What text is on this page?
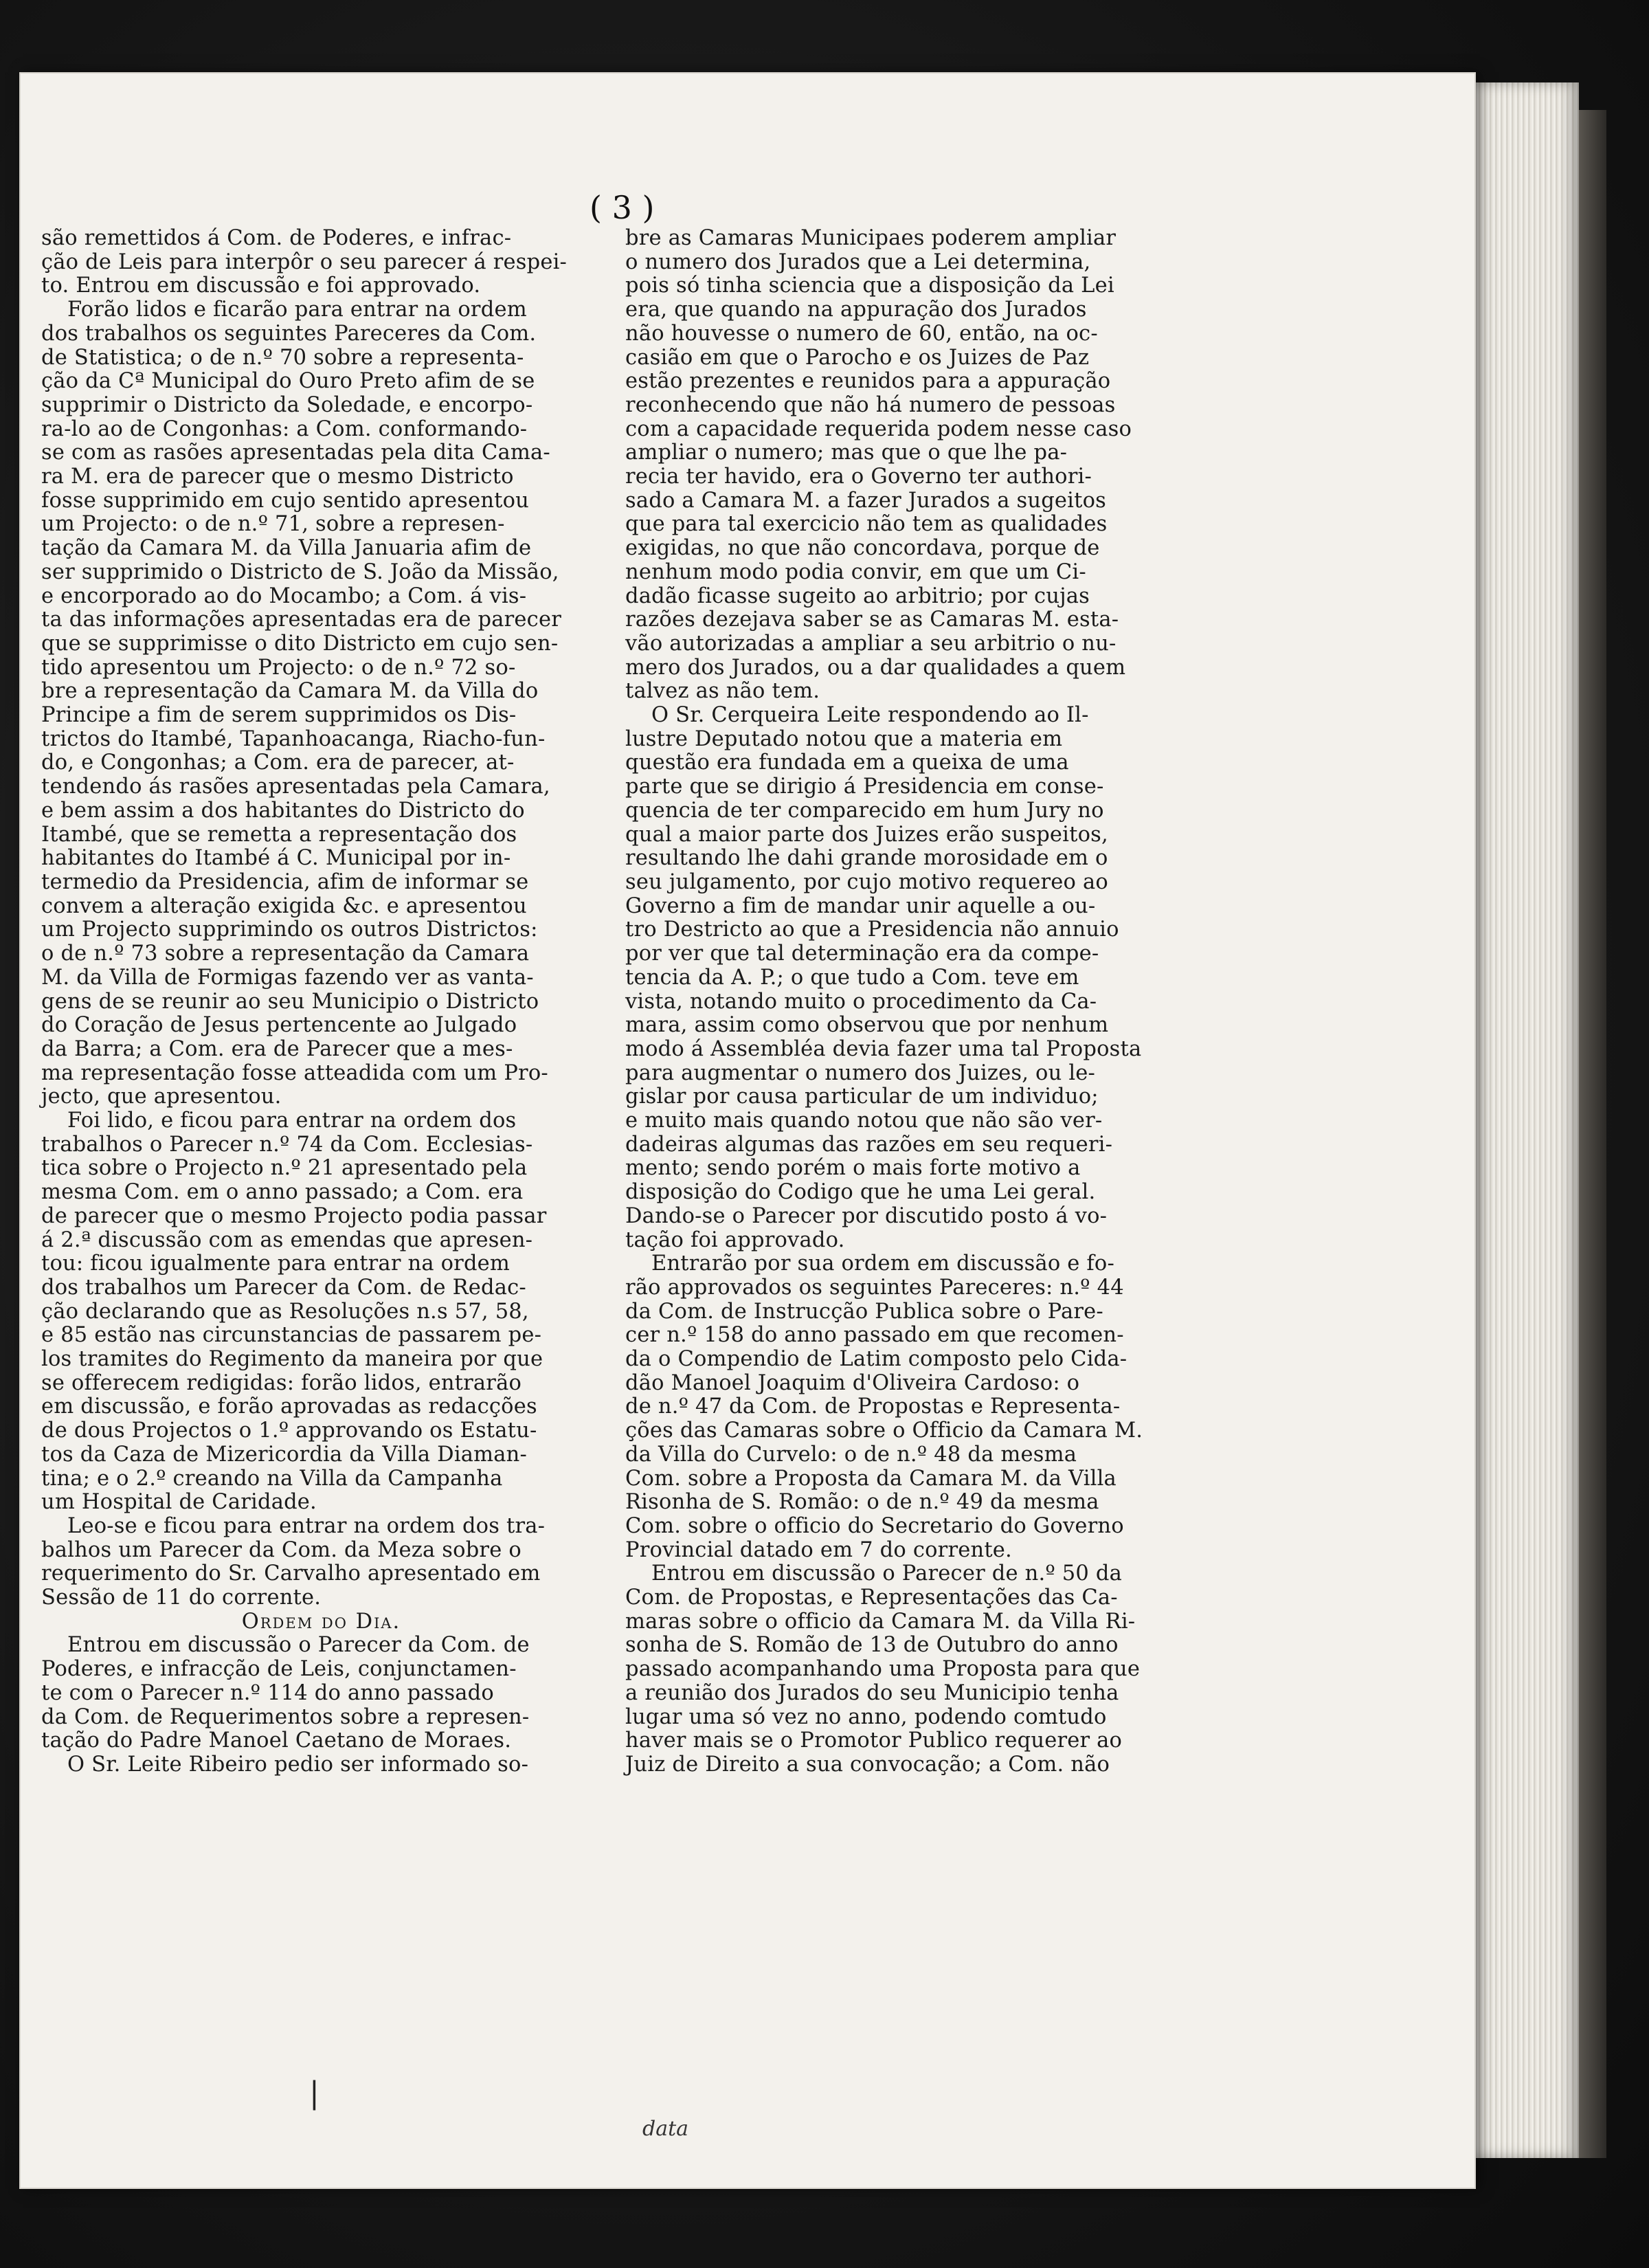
( 3 )

são remettidos á Com. de Poderes, e infrac-

ção de Leis para interpôr o seu parecer á respei-

to. Entrou em discussão e foi approvado.

Forão lidos e ficarão para entrar na ordem

dos trabalhos os seguintes Pareceres da Com.

de Statistica; o de n.º 70 sobre a representa-

ção da Cª Municipal do Ouro Preto afim de se

supprimir o Districto da Soledade, e encorpo-

ra-lo ao de Congonhas: a Com. conformando-

se com as rasões apresentadas pela dita Cama-

ra M. era de parecer que o mesmo Districto

fosse supprimido em cujo sentido apresentou

um Projecto: o de n.º 71, sobre a represen-

tação da Camara M. da Villa Januaria afim de

ser supprimido o Districto de S. João da Missão,

e encorporado ao do Mocambo; a Com. á vis-

ta das informações apresentadas era de parecer

que se supprimisse o dito Districto em cujo sen-

tido apresentou um Projecto: o de n.º 72 so-

bre a representação da Camara M. da Villa do

Principe a fim de serem supprimidos os Dis-

trictos do Itambé, Tapanhoacanga, Riacho-fun-

do, e Congonhas; a Com. era de parecer, at-

tendendo ás rasões apresentadas pela Camara,

e bem assim a dos habitantes do Districto do

Itambé, que se remetta a representação dos

habitantes do Itambé á C. Municipal por in-

termedio da Presidencia, afim de informar se

convem a alteração exigida &c. e apresentou

um Projecto supprimindo os outros Districtos:

o de n.º 73 sobre a representação da Camara

M. da Villa de Formigas fazendo ver as vanta-

gens de se reunir ao seu Municipio o Districto

do Coração de Jesus pertencente ao Julgado

da Barra; a Com. era de Parecer que a mes-

ma representação fosse atteadida com um Pro-

jecto, que apresentou.

Foi lido, e ficou para entrar na ordem dos

trabalhos o Parecer n.º 74 da Com. Ecclesias-

tica sobre o Projecto n.º 21 apresentado pela

mesma Com. em o anno passado; a Com. era

de parecer que o mesmo Projecto podia passar

á 2.ª discussão com as emendas que apresen-

tou: ficou igualmente para entrar na ordem

dos trabalhos um Parecer da Com. de Redac-

ção declarando que as Resoluções n.s 57, 58,

e 85 estão nas circunstancias de passarem pe-

los tramites do Regimento da maneira por que

se offerecem redigidas: forão lidos, entrarão

em discussão, e forão aprovadas as redacções

de dous Projectos o 1.º approvando os Estatu-

tos da Caza de Mizericordia da Villa Diaman-

tina; e o 2.º creando na Villa da Campanha

um Hospital de Caridade.

Leo-se e ficou para entrar na ordem dos tra-

balhos um Parecer da Com. da Meza sobre o

requerimento do Sr. Carvalho apresentado em

Sessão de 11 do corrente.

Ordem do Dia.

Entrou em discussão o Parecer da Com. de

Poderes, e infracção de Leis, conjunctamen-

te com o Parecer n.º 114 do anno passado

da Com. de Requerimentos sobre a represen-

tação do Padre Manoel Caetano de Moraes.

O Sr. Leite Ribeiro pedio ser informado so-

bre as Camaras Municipaes poderem ampliar

o numero dos Jurados que a Lei determina,

pois só tinha sciencia que a disposição da Lei

era, que quando na appuração dos Jurados

não houvesse o numero de 60, então, na oc-

casião em que o Parocho e os Juizes de Paz

estão prezentes e reunidos para a appuração

reconhecendo que não há numero de pessoas

com a capacidade requerida podem nesse caso

ampliar o numero; mas que o que lhe pa-

recia ter havido, era o Governo ter authori-

sado a Camara M. a fazer Jurados a sugeitos

que para tal exercicio não tem as qualidades

exigidas, no que não concordava, porque de

nenhum modo podia convir, em que um Ci-

dadão ficasse sugeito ao arbitrio; por cujas

razões dezejava saber se as Camaras M. esta-

vão autorizadas a ampliar a seu arbitrio o nu-

mero dos Jurados, ou a dar qualidades a quem

talvez as não tem.

O Sr. Cerqueira Leite respondendo ao Il-

lustre Deputado notou que a materia em

questão era fundada em a queixa de uma

parte que se dirigio á Presidencia em conse-

quencia de ter comparecido em hum Jury no

qual a maior parte dos Juizes erão suspeitos,

resultando lhe dahi grande morosidade em o

seu julgamento, por cujo motivo requereo ao

Governo a fim de mandar unir aquelle a ou-

tro Destricto ao que a Presidencia não annuio

por ver que tal determinação era da compe-

tencia da A. P.; o que tudo a Com. teve em

vista, notando muito o procedimento da Ca-

mara, assim como observou que por nenhum

modo á Assembléa devia fazer uma tal Proposta

para augmentar o numero dos Juizes, ou le-

gislar por causa particular de um individuo;

e muito mais quando notou que não são ver-

dadeiras algumas das razões em seu requeri-

mento; sendo porém o mais forte motivo a

disposição do Codigo que he uma Lei geral.

Dando-se o Parecer por discutido posto á vo-

tação foi approvado.

Entrarão por sua ordem em discussão e fo-

rão approvados os seguintes Pareceres: n.º 44

da Com. de Instrucção Publica sobre o Pare-

cer n.º 158 do anno passado em que recomen-

da o Compendio de Latim composto pelo Cida-

dão Manoel Joaquim d'Oliveira Cardoso: o

de n.º 47 da Com. de Propostas e Representa-

ções das Camaras sobre o Officio da Camara M.

da Villa do Curvelo: o de n.º 48 da mesma

Com. sobre a Proposta da Camara M. da Villa

Risonha de S. Romão: o de n.º 49 da mesma

Com. sobre o officio do Secretario do Governo

Provincial datado em 7 do corrente.

Entrou em discussão o Parecer de n.º 50 da

Com. de Propostas, e Representações das Ca-

maras sobre o officio da Camara M. da Villa Ri-

sonha de S. Romão de 13 de Outubro do anno

passado acompanhando uma Proposta para que

a reunião dos Jurados do seu Municipio tenha

lugar uma só vez no anno, podendo comtudo

haver mais se o Promotor Publico requerer ao

Juiz de Direito a sua convocação; a Com. não

|
data
